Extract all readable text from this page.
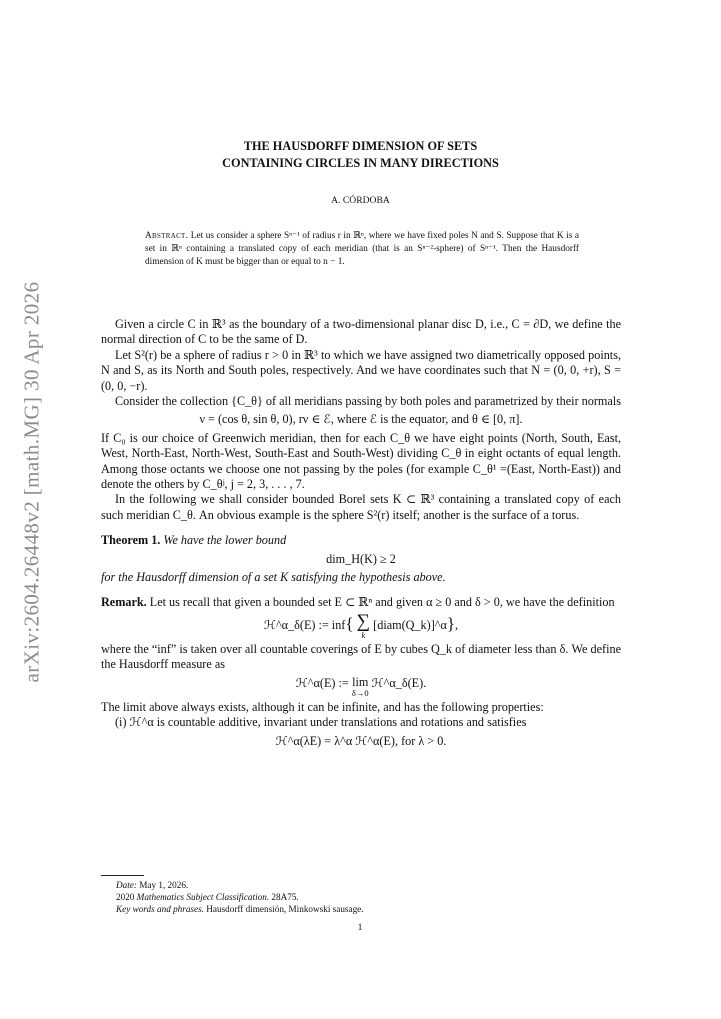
arXiv:2604.26448v2 [math.MG] 30 Apr 2026
THE HAUSDORFF DIMENSION OF SETS
CONTAINING CIRCLES IN MANY DIRECTIONS
A. CÓRDOBA
Abstract. Let us consider a sphere Sⁿ⁻¹ of radius r in ℝⁿ, where we have fixed poles N and S. Suppose that K is a set in ℝⁿ containing a translated copy of each meridian (that is an Sⁿ⁻²-sphere) of Sⁿ⁻¹. Then the Hausdorff dimension of K must be bigger than or equal to n − 1.

Given a circle C in ℝ³ as the boundary of a two-dimensional planar disc D, i.e., C = ∂D, we define the normal direction of C to be the same of D.

Let S²(r) be a sphere of radius r > 0 in ℝ³ to which we have assigned two diametrically opposed points, N and S, as its North and South poles, respectively. And we have coordinates such that N = (0, 0, +r), S = (0, 0, −r).

Consider the collection {C_θ} of all meridians passing by both poles and parametrized by their normals

ν = (cos θ, sin θ, 0), rν ∈ ℰ, where ℰ is the equator, and θ ∈ [0, π].

If C₀ is our choice of Greenwich meridian, then for each C_θ we have eight points (North, South, East, West, North-East, North-West, South-East and South-West) dividing C_θ in eight octants of equal length. Among those octants we choose one not passing by the poles (for example C_θ¹ =(East, North-East)) and denote the others by C_θʲ, j = 2, 3, . . . , 7.

In the following we shall consider bounded Borel sets K ⊂ ℝ³ containing a translated copy of each such meridian C_θ. An obvious example is the sphere S²(r) itself; another is the surface of a torus.

Theorem 1. We have the lower bound

dim_H(K) ≥ 2

for the Hausdorff dimension of a set K satisfying the hypothesis above.

Remark. Let us recall that given a bounded set E ⊂ ℝⁿ and given α ≥ 0 and δ > 0, we have the definition

ℋ^α_δ(E) := inf{ ∑
k
[diam(Q_k)]^α},

where the “inf” is taken over all countable coverings of E by cubes Q_k of diameter less than δ. We define the Hausdorff measure as

ℋ^α(E) := lim
δ→0
ℋ^α_δ(E).

The limit above always exists, although it can be infinite, and has the following properties:

(i) ℋ^α is countable additive, invariant under translations and rotations and satisfies

ℋ^α(λE) = λ^α ℋ^α(E), for λ > 0.

Date: May 1, 2026.
2020 Mathematics Subject Classification. 28A75.
Key words and phrases. Hausdorff dimensión, Minkowski sausage.
1
